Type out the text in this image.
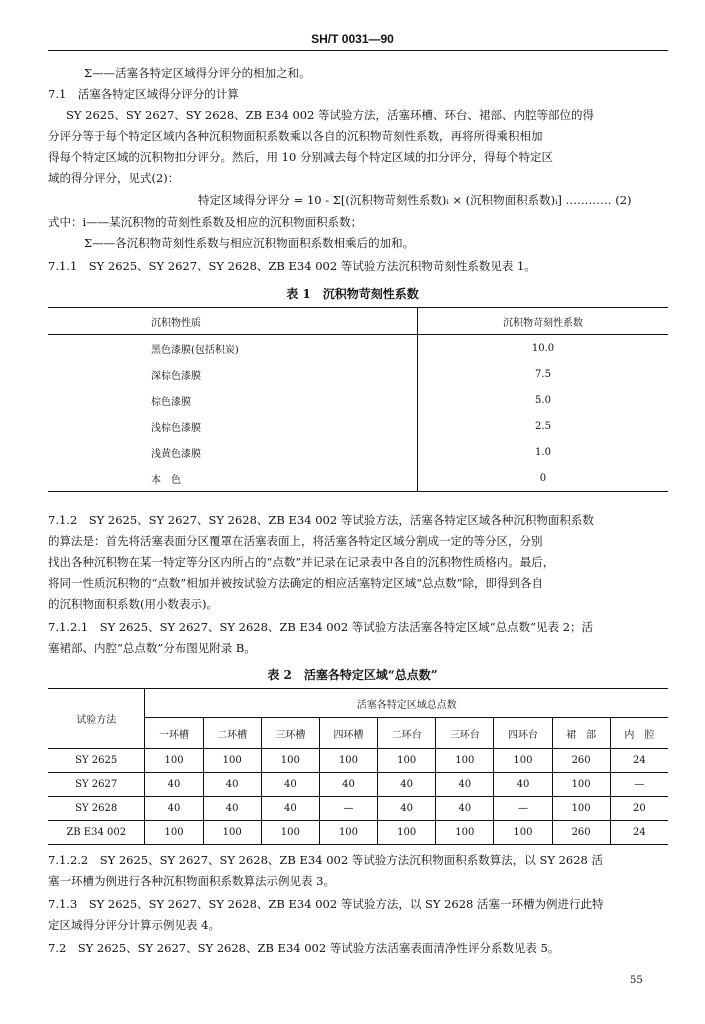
SH/T 0031—90
Σ——活塞各特定区域得分评分的相加之和。
7.1　活塞各特定区域得分评分的计算
SY 2625、SY 2627、SY 2628、ZB E34 002 等试验方法，活塞环槽、环台、裙部、内腔等部位的得
分评分等于每个特定区域内各种沉积物面积系数乘以各自的沉积物苛刻性系数，再将所得乘积相加
得每个特定区域的沉积物扣分评分。然后，用 10 分别减去每个特定区域的扣分评分，得每个特定区
域的得分评分，见式(2)：
特定区域得分评分 = 10 - Σ[(沉积物苛刻性系数)ᵢ × (沉积物面积系数)ᵢ] ………… (2)
式中：i——某沉积物的苛刻性系数及相应的沉积物面积系数；
Σ——各沉积物苛刻性系数与相应沉积物面积系数相乘后的加和。
7.1.1　SY 2625、SY 2627、SY 2628、ZB E34 002 等试验方法沉积物苛刻性系数见表 1。
表 1　沉积物苛刻性系数
沉积物性质	沉积物苛刻性系数
黑色漆膜(包括积炭)	10.0
深棕色漆膜	7.5
棕色漆膜	5.0
浅棕色漆膜	2.5
浅黄色漆膜	1.0
本　色	0
7.1.2　SY 2625、SY 2627、SY 2628、ZB E34 002 等试验方法，活塞各特定区域各种沉积物面积系数
的算法是：首先将活塞表面分区覆罩在活塞表面上，将活塞各特定区域分割成一定的等分区，分别
找出各种沉积物在某一特定等分区内所占的“点数”并记录在记录表中各自的沉积物性质格内。最后，
将同一性质沉积物的“点数”相加并被按试验方法确定的相应活塞特定区域“总点数”除，即得到各自
的沉积物面积系数(用小数表示)。
7.1.2.1　SY 2625、SY 2627、SY 2628、ZB E34 002 等试验方法活塞各特定区域“总点数”见表 2；活
塞裙部、内腔“总点数”分布图见附录 B。
表 2　活塞各特定区域“总点数”
试验方法	活塞各特定区域总点数								
	一环槽	二环槽	三环槽	四环槽	二环台	三环台	四环台	裙　部	内　腔
SY 2625	100	100	100	100	100	100	100	260	24
SY 2627	40	40	40	40	40	40	40	100	—
SY 2628	40	40	40	—	40	40	—	100	20
ZB E34 002	100	100	100	100	100	100	100	260	24
7.1.2.2　SY 2625、SY 2627、SY 2628、ZB E34 002 等试验方法沉积物面积系数算法，以 SY 2628 活
塞一环槽为例进行各种沉积物面积系数算法示例见表 3。
7.1.3　SY 2625、SY 2627、SY 2628、ZB E34 002 等试验方法，以 SY 2628 活塞一环槽为例进行此特
定区域得分评分计算示例见表 4。
7.2　SY 2625、SY 2627、SY 2628、ZB E34 002 等试验方法活塞表面清净性评分系数见表 5。
55
